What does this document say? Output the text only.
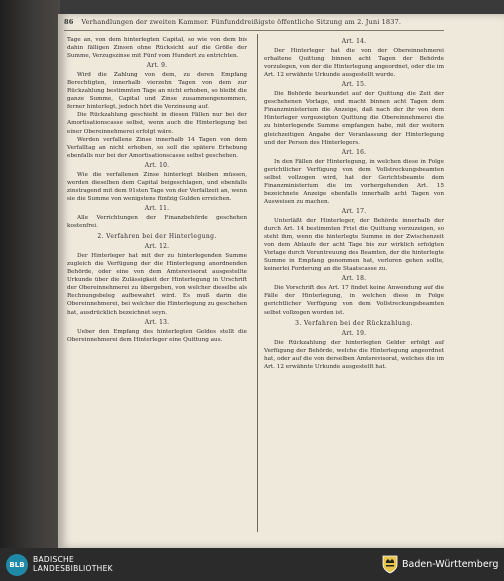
86 Verhandlungen der zweiten Kammer. Fünfunddreißigste öffentliche Sitzung am 2. Juni 1837.

Tage an, von dem hinterlegten Capital, so wie von dem bis dahin fälligen Zinsen ohne Rücksicht auf die Größe der Summe, Verzugszinse mit Fünf vom Hundert zu entrichten.

Art. 9.

Wird die Zahlung von dem, zu deren Empfang Berechtigten, innerhalb vierzehn Tagen von dem zur Rückzahlung bestimmten Tage an nicht erhoben, so bleibt die ganze Summe, Capital und Zinse zusammengenommen, ferner hinterlegt, jedoch hört die Verzinsung auf.

Die Rückzahlung geschieht in diesen Fällen nur bei der Amortisationscasse selbst, wenn auch die Hinterlegung bei einer Obereinnehmerei erfolgt wäre.

Werden verfallene Zinse innerhalb 14 Tagen von dem Verfalltag an nicht erhoben, so soll die spätere Erhebung ebenfalls nur bei der Amortisationscasse selbst geschehen.

Art. 10.

Wie die verfallenen Zinse hinterlegt bleiben müssen, werden dieselben dem Capital beigeschlagen, und ebenfalls zinstragend mit dem 91sten Tage von der Verfallzeit an, wenn sie die Summe von wenigstens fünfzig Gulden erreichen.

Art. 11.

Alle Verrichtungen der Finanzbehörde geschehen kostenfrei.

2. Verfahren bei der Hinterlegung.
Art. 12.

Der Hinterleger hat mit der zu hinterlegenden Summe zugleich die Verfügung der die Hinterlegung anordnenden Behörde, oder eine von dem Amtsrevisorat ausgestellte Urkunde über die Zulässigkeit der Hinterlegung in Urschrift der Obereinnehmerei zu übergeben, von welcher dieselbe als Rechnungsbeleg aufbewahrt wird. Es muß darin die Obereinnehmerei, bei welcher die Hinterlegung zu geschehen hat, ausdrücklich bezeichnet seyn.

Art. 13.

Ueber den Empfang des hinterlegten Geldes stellt die Obereinnehmerei dem Hinterleger eine Quittung aus.

Art. 14.

Der Hinterleger hat die von der Obereinnehmerei erhaltene Quittung binnen acht Tagen der Behörde vorzulegen, von der die Hinterlegung angeordnet, oder die im Art. 12 erwähnte Urkunde ausgestellt wurde.

Art. 15.

Die Behörde beurkundet auf der Quittung die Zeit der geschehenen Vorlage, und macht binnen acht Tagen dem Finanzministerium die Anzeige, daß nach der ihr von dem Hinterleger vorgezeigten Quittung die Obereinnehmerei die zu hinterlegende Summe empfangen habe, mit der weitern gleichzeitigen Angabe der Veranlassung der Hinterlegung und der Person des Hinterlegers.

Art. 16.

In den Fällen der Hinterlegung, in welchen diese in Folge gerichtlicher Verfügung von dem Vollstreckungsbeamten selbst vollzogen wird, hat der Gerichtsbeamte dem Finanzministerium die im vorhergehenden Art. 15 bezeichnete Anzeige ebenfalls innerhalb acht Tagen von Ausweisen zu machen.

Art. 17.

Unterläßt der Hinterleger, der Behörde innerhalb der durch Art. 14 bestimmten Frist die Quittung vorzuzeigen, so steht ihm, wenn die hinterlegte Summe in der Zwischenzeit von dem Ablaufe der acht Tage bis zur wirklich erfolgten Vorlage durch Veruntreuung des Beamten, der die hinterlegte Summe in Empfang genommen hat, verloren gehen sollte, keinerlei Forderung an die Staatscasse zu.

Art. 18.

Die Vorschrift des Art. 17 findet keine Anwendung auf die Fälle der Hinterlegung, in welchen diese in Folge gerichtlicher Verfügung von dem Vollstreckungsbeamten selbst vollzogen worden ist.

3. Verfahren bei der Rückzahlung.
Art. 19.

Die Rückzahlung der hinterlegten Gelder erfolgt auf Verfügung der Behörde, welche die Hinterlegung angeordnet hat, oder auf die von derselben Amtsrevisorat, welches die im Art. 12 erwähnte Urkunde ausgestellt hat.

BLB
BADISCHE
LANDESBIBLIOTHEK	Baden-Württemberg
